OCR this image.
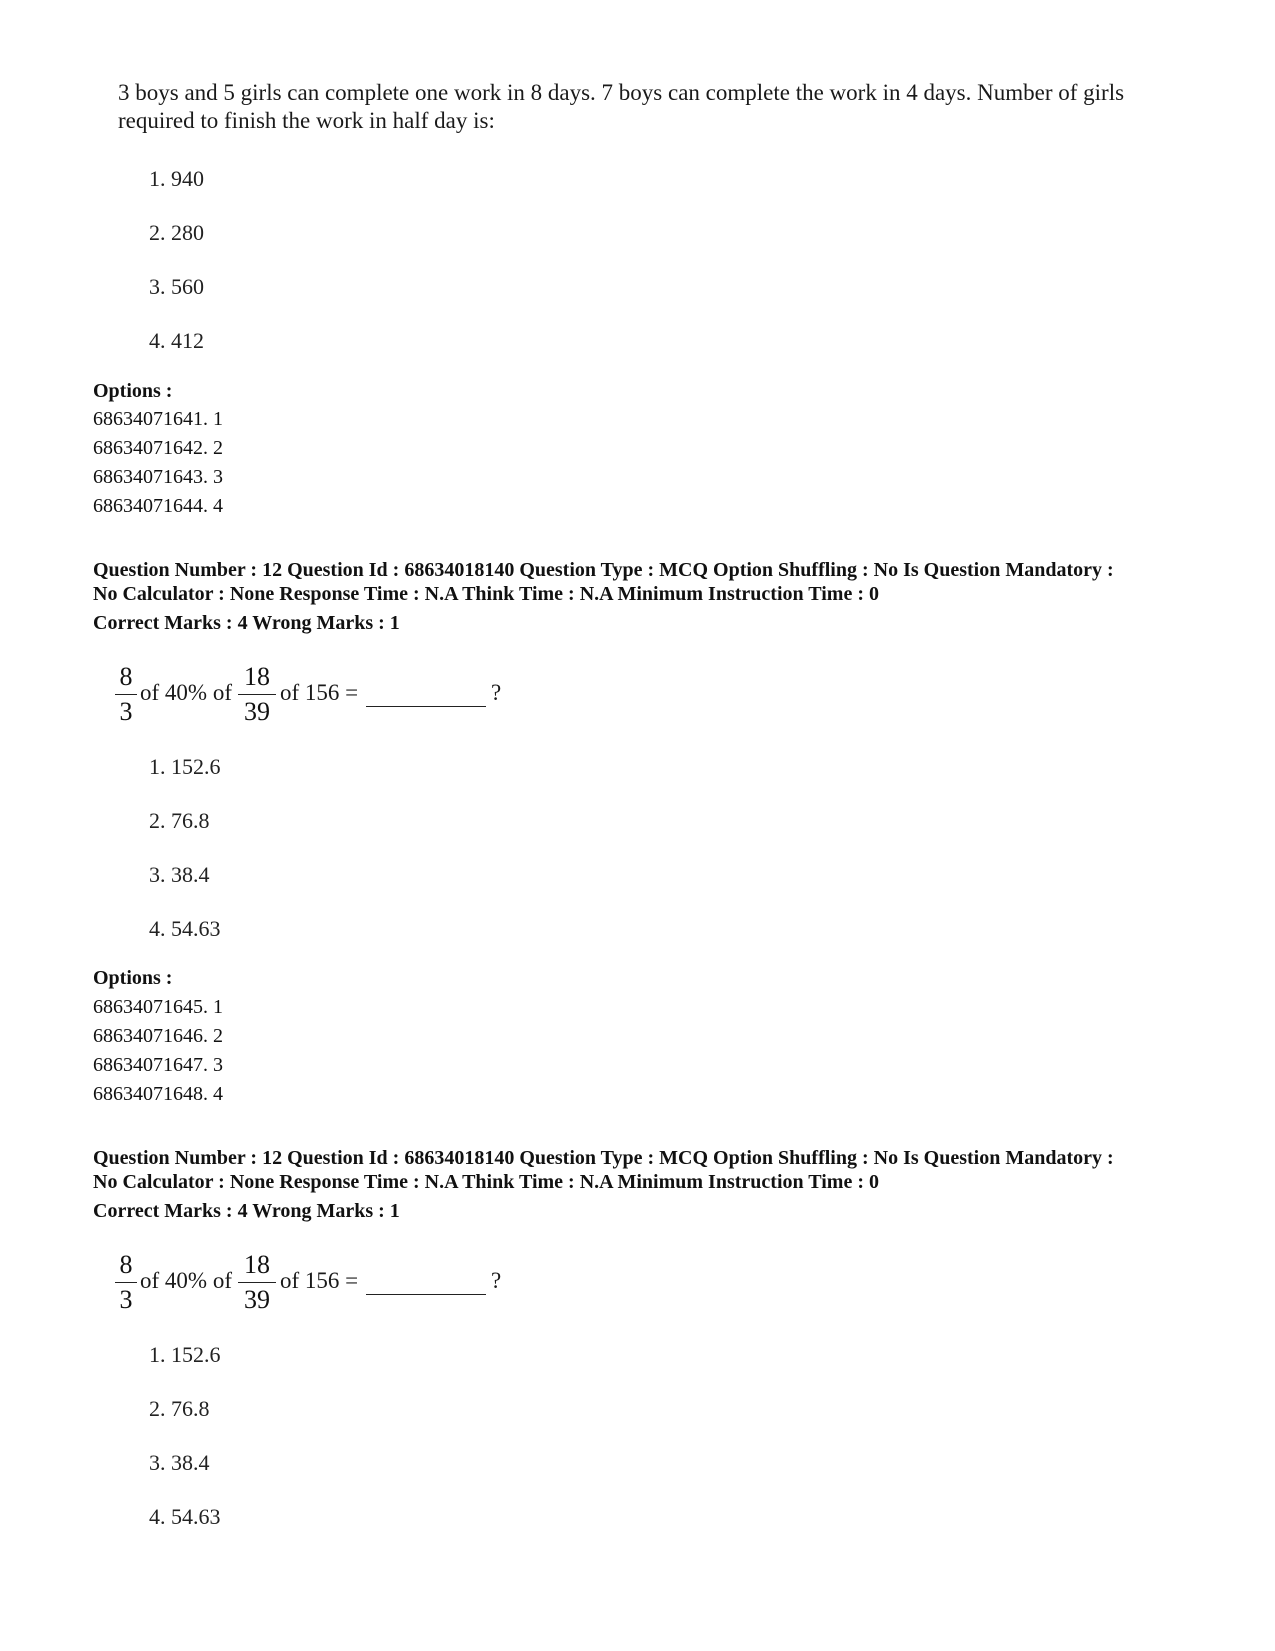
3 boys and 5 girls can complete one work in 8 days. 7 boys can complete the work in 4 days. Number of girls
required to finish the work in half day is:
1. 940
2. 280
3. 560
4. 412
Options :
68634071641. 1
68634071642. 2
68634071643. 3
68634071644. 4
Question Number : 12 Question Id : 68634018140 Question Type : MCQ Option Shuffling : No Is Question Mandatory :
No Calculator : None Response Time : N.A Think Time : N.A Minimum Instruction Time : 0
Correct Marks : 4 Wrong Marks : 1
8
3
of 40% of
18
39
of 156 =	?
1. 152.6
2. 76.8
3. 38.4
4. 54.63
Options :
68634071645. 1
68634071646. 2
68634071647. 3
68634071648. 4
Question Number : 12 Question Id : 68634018140 Question Type : MCQ Option Shuffling : No Is Question Mandatory :
No Calculator : None Response Time : N.A Think Time : N.A Minimum Instruction Time : 0
Correct Marks : 4 Wrong Marks : 1
8
3
of 40% of
18
39
of 156 =	?
1. 152.6
2. 76.8
3. 38.4
4. 54.63
